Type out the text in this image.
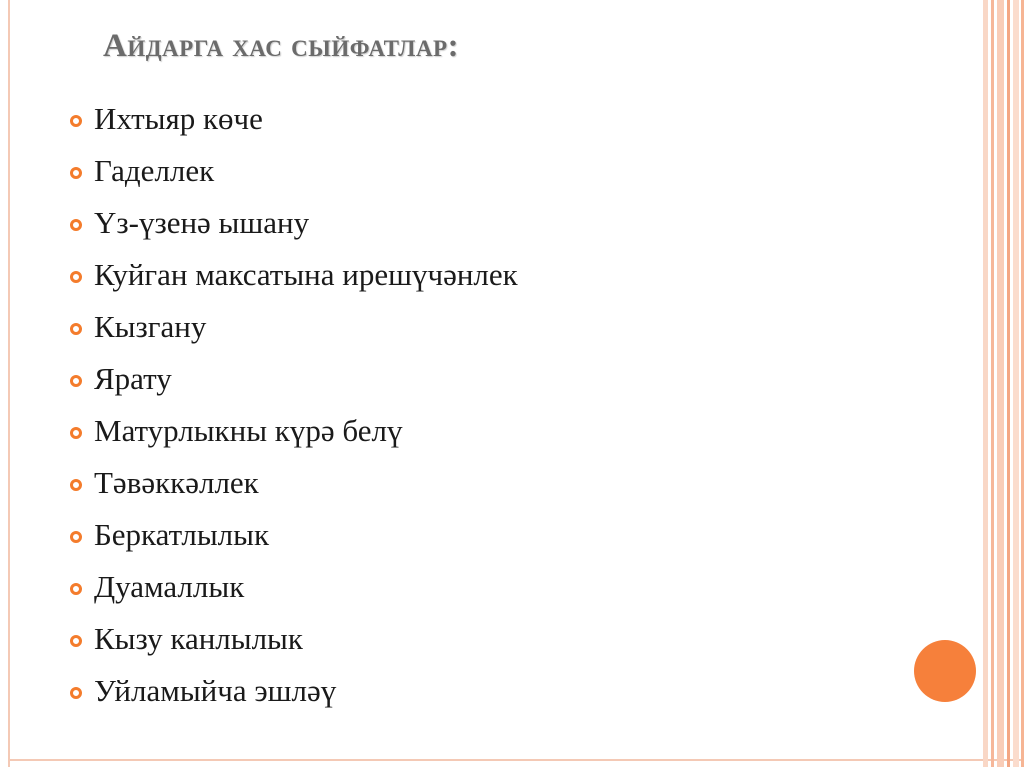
Айдарга хас сыйфатлар:
Ихтыяр көче
Гаделлек
Үз-үзенә ышану
Куйган максатына ирешүчәнлек
Кызгану
Ярату
Матурлыкны күрә белү
Тәвәккәллек
Беркатлылык
Дуамаллык
Кызу канлылык
Уйламыйча эшләү
